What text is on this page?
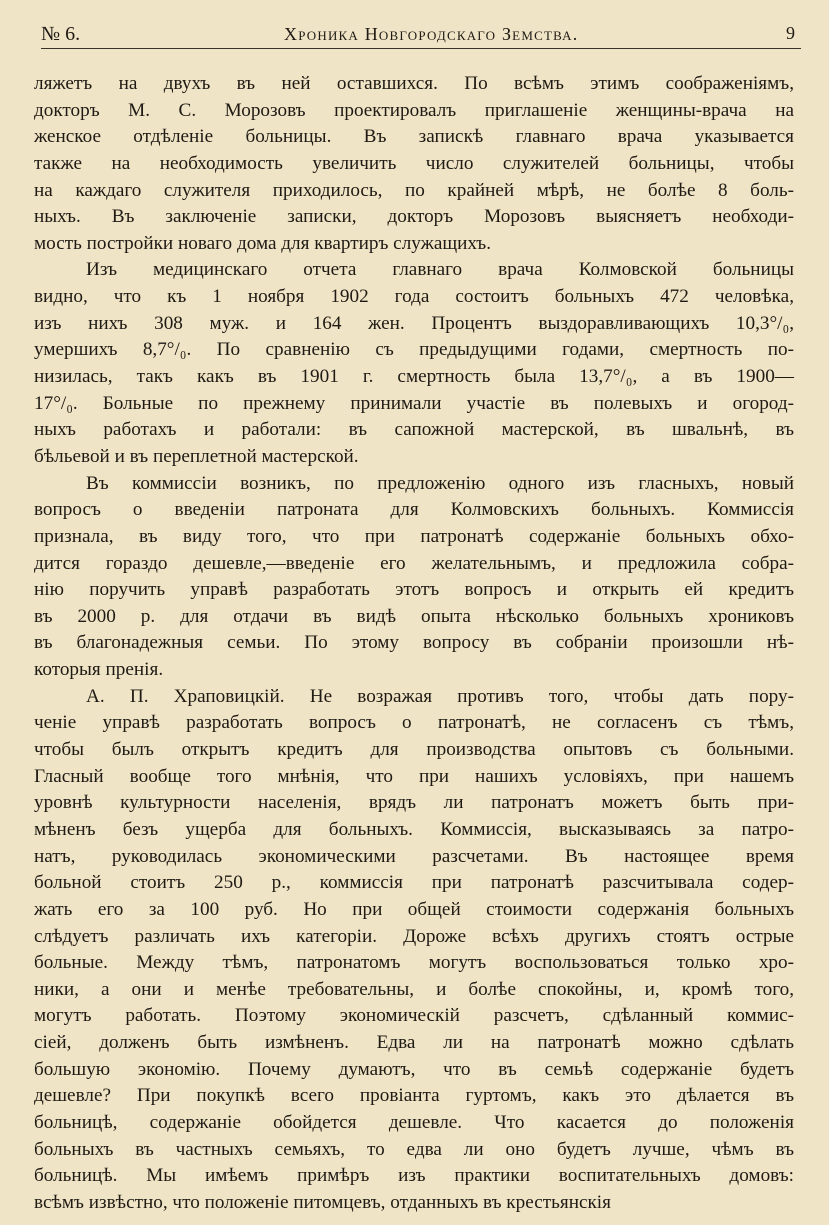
№ 6.	Хроника Новгородскаго Земства.	9
ляжетъ на двухъ въ ней оставшихся. По всѣмъ этимъ соображеніямъ,
докторъ М. С. Морозовъ проектировалъ приглашеніе женщины-врача на
женское отдѣленіе больницы. Въ запискѣ главнаго врача указывается
также на необходимость увеличить число служителей больницы, чтобы
на каждаго служителя приходилось, по крайней мѣрѣ, не болѣе 8 боль-
ныхъ. Въ заключеніе записки, докторъ Морозовъ выясняетъ необходи-
мость постройки новаго дома для квартиръ служащихъ.
Изъ медицинскаго отчета главнаго врача Колмовской больницы
видно, что къ 1 ноября 1902 года состоитъ больныхъ 472 человѣка,
изъ нихъ 308 муж. и 164 жен. Процентъ выздоравливающихъ 10,3°/₀,
умершихъ 8,7°/₀. По сравненію съ предыдущими годами, смертность по-
низилась, такъ какъ въ 1901 г. смертность была 13,7°/₀, а въ 1900—
17°/₀. Больные по прежнему принимали участіе въ полевыхъ и огород-
ныхъ работахъ и работали: въ сапожной мастерской, въ швальнѣ, въ
бѣльевой и въ переплетной мастерской.
Въ коммиссіи возникъ, по предложенію одного изъ гласныхъ, новый
вопросъ о введеніи патроната для Колмовскихъ больныхъ. Коммиссія
признала, въ виду того, что при патронатѣ содержаніе больныхъ обхо-
дится гораздо дешевле,—введеніе его желательнымъ, и предложила собра-
нію поручить управѣ разработать этотъ вопросъ и открыть ей кредитъ
въ 2000 р. для отдачи въ видѣ опыта нѣсколько больныхъ хрониковъ
въ благонадежныя семьи. По этому вопросу въ собраніи произошли нѣ-
которыя пренія.
А. П. Храповицкій. Не возражая противъ того, чтобы дать пору-
ченіе управѣ разработать вопросъ о патронатѣ, не согласенъ съ тѣмъ,
чтобы былъ открытъ кредитъ для производства опытовъ съ больными.
Гласный вообще того мнѣнія, что при нашихъ условіяхъ, при нашемъ
уровнѣ культурности населенія, врядъ ли патронатъ можетъ быть при-
мѣненъ безъ ущерба для больныхъ. Коммиссія, высказываясь за патро-
натъ, руководилась экономическими разсчетами. Въ настоящее время
больной стоитъ 250 р., коммиссія при патронатѣ разсчитывала содер-
жать его за 100 руб. Но при общей стоимости содержанія больныхъ
слѣдуетъ различать ихъ категоріи. Дороже всѣхъ другихъ стоятъ острые
больные. Между тѣмъ, патронатомъ могутъ воспользоваться только хро-
ники, а они и менѣе требовательны, и болѣе спокойны, и, кромѣ того,
могутъ работать. Поэтому экономическій разсчетъ, сдѣланный коммис-
сіей, долженъ быть измѣненъ. Едва ли на патронатѣ можно сдѣлать
большую экономію. Почему думаютъ, что въ семьѣ содержаніе будетъ
дешевле? При покупкѣ всего провіанта гуртомъ, какъ это дѣлается въ
больницѣ, содержаніе обойдется дешевле. Что касается до положенія
больныхъ въ частныхъ семьяхъ, то едва ли оно будетъ лучше, чѣмъ въ
больницѣ. Мы имѣемъ примѣръ изъ практики воспитательныхъ домовъ:
всѣмъ извѣстно, что положеніе питомцевъ, отданныхъ въ крестьянскія
